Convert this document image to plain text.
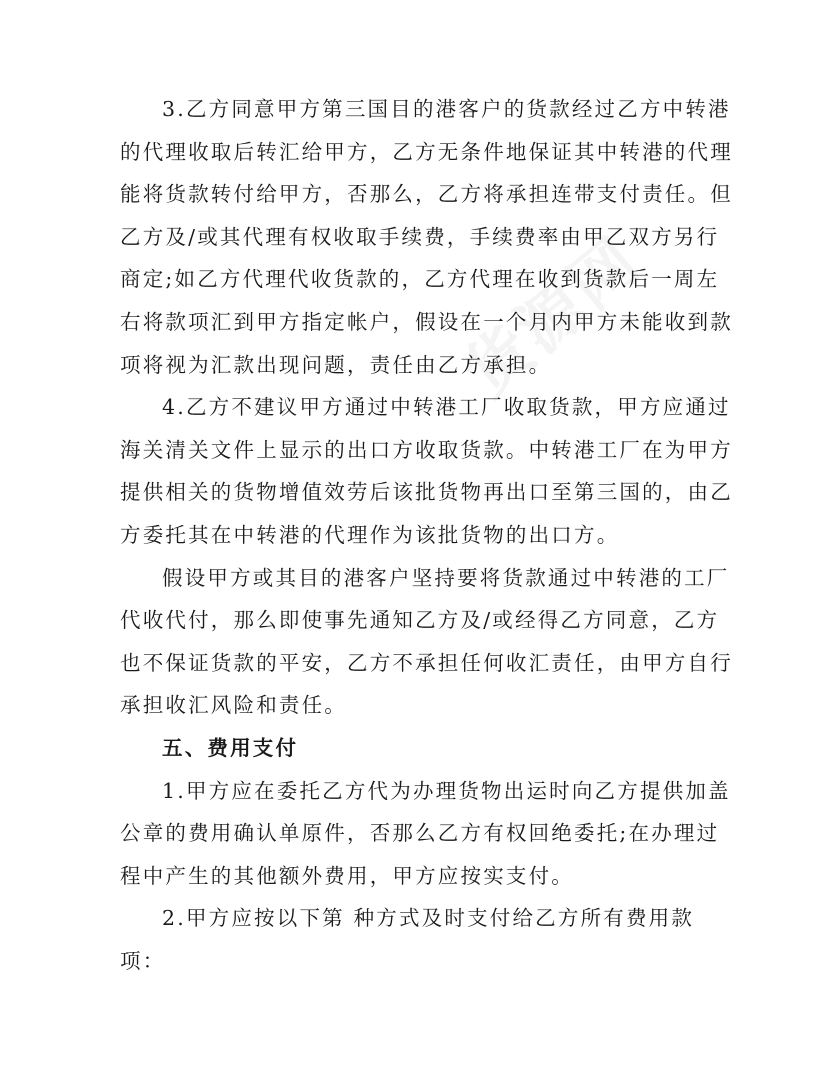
3.乙方同意甲方第三国目的港客户的货款经过乙方中转港
的代理收取后转汇给甲方，乙方无条件地保证其中转港的代理
能将货款转付给甲方，否那么，乙方将承担连带支付责任。但
乙方及/或其代理有权收取手续费，手续费率由甲乙双方另行
商定;如乙方代理代收货款的，乙方代理在收到货款后一周左
右将款项汇到甲方指定帐户，假设在一个月内甲方未能收到款
项将视为汇款出现问题，责任由乙方承担。

4.乙方不建议甲方通过中转港工厂收取货款，甲方应通过
海关清关文件上显示的出口方收取货款。中转港工厂在为甲方
提供相关的货物增值效劳后该批货物再出口至第三国的，由乙
方委托其在中转港的代理作为该批货物的出口方。

假设甲方或其目的港客户坚持要将货款通过中转港的工厂
代收代付，那么即使事先通知乙方及/或经得乙方同意，乙方
也不保证货款的平安，乙方不承担任何收汇责任，由甲方自行
承担收汇风险和责任。

五、费用支付

1.甲方应在委托乙方代为办理货物出运时向乙方提供加盖
公章的费用确认单原件，否那么乙方有权回绝委托;在办理过
程中产生的其他额外费用，甲方应按实支付。

2.甲方应按以下第 种方式及时支付给乙方所有费用款
项：
